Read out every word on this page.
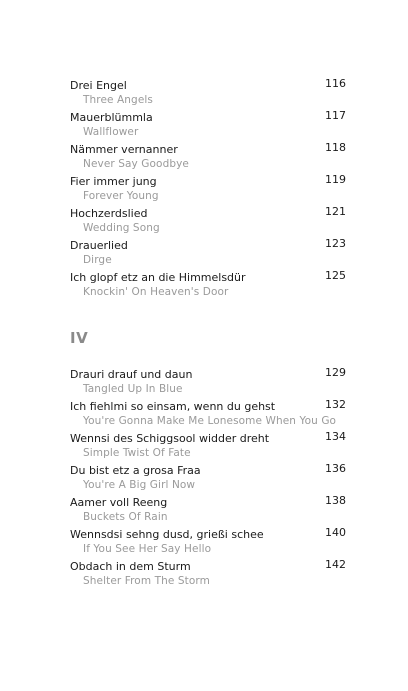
Drei Engel	116
Three Angels
Mauerblümmla	117
Wallflower
Nämmer vernanner	118
Never Say Goodbye
Fier immer jung	119
Forever Young
Hochzerdslied	121
Wedding Song
Drauerlied	123
Dirge
Ich glopf etz an die Himmelsdür	125
Knockin' On Heaven's Door
IV
Drauri drauf und daun	129
Tangled Up In Blue
Ich fiehlmi so einsam, wenn du gehst	132
You're Gonna Make Me Lonesome When You Go
Wennsi des Schiggsool widder dreht	134
Simple Twist Of Fate
Du bist etz a groѕa Fraa	136
You're A Big Girl Now
Aamer voll Reeng	138
Buckets Of Rain
Wennsdsi sehng dusd, grießi schee	140
If You See Her Say Hello
Obdach in dem Sturm	142
Shelter From The Storm
